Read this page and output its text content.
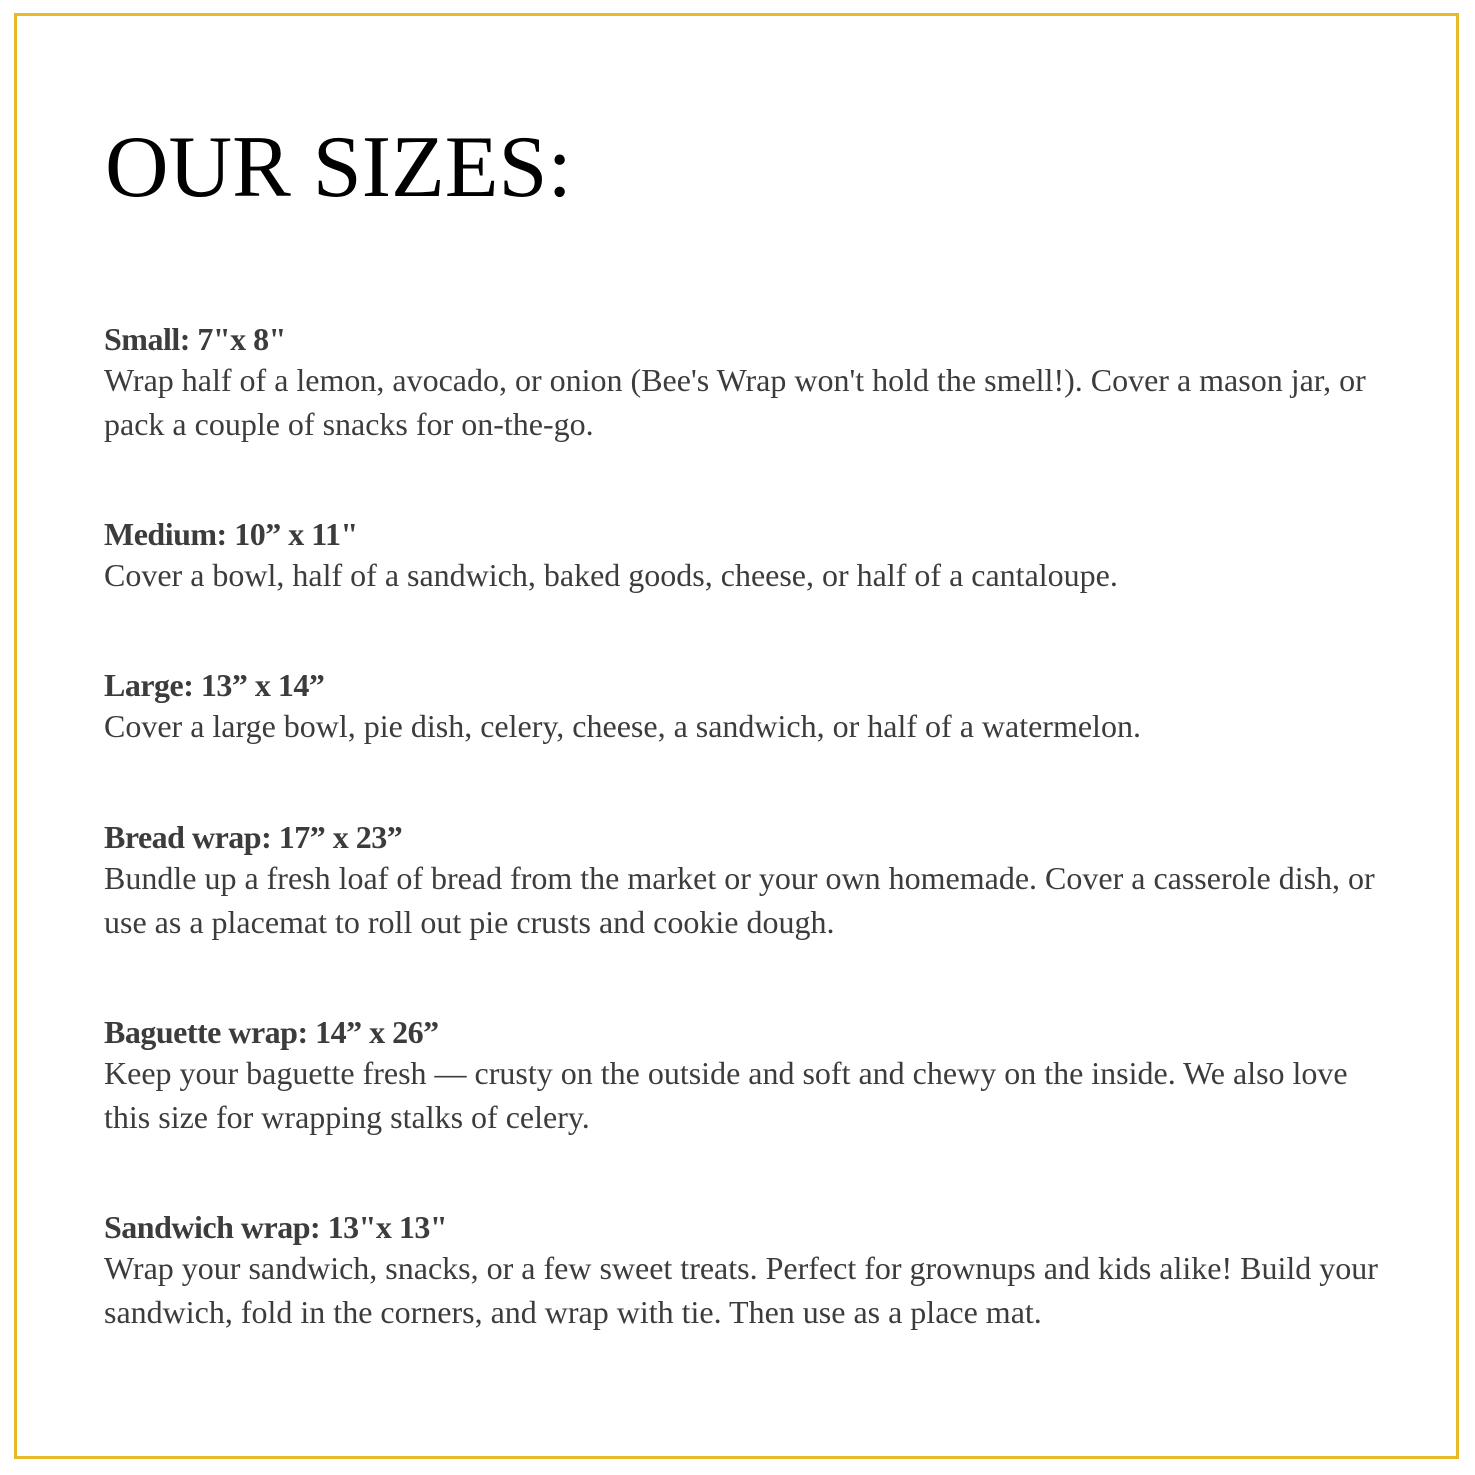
OUR SIZES:
Small: 7"x 8"
Wrap half of a lemon, avocado, or onion (Bee's Wrap won't hold the smell!). Cover a mason jar, or pack a couple of snacks for on-the-go.
Medium: 10” x 11"
Cover a bowl, half of a sandwich, baked goods, cheese, or half of a cantaloupe.
Large: 13” x 14”
Cover a large bowl, pie dish, celery, cheese, a sandwich, or half of a watermelon.
Bread wrap: 17” x 23”
Bundle up a fresh loaf of bread from the market or your own homemade. Cover a casserole dish, or use as a placemat to roll out pie crusts and cookie dough.
Baguette wrap: 14” x 26”
Keep your baguette fresh — crusty on the outside and soft and chewy on the inside. We also love this size for wrapping stalks of celery.
Sandwich wrap: 13"x 13"
Wrap your sandwich, snacks, or a few sweet treats. Perfect for grownups and kids alike! Build your sandwich, fold in the corners, and wrap with tie. Then use as a place mat.
